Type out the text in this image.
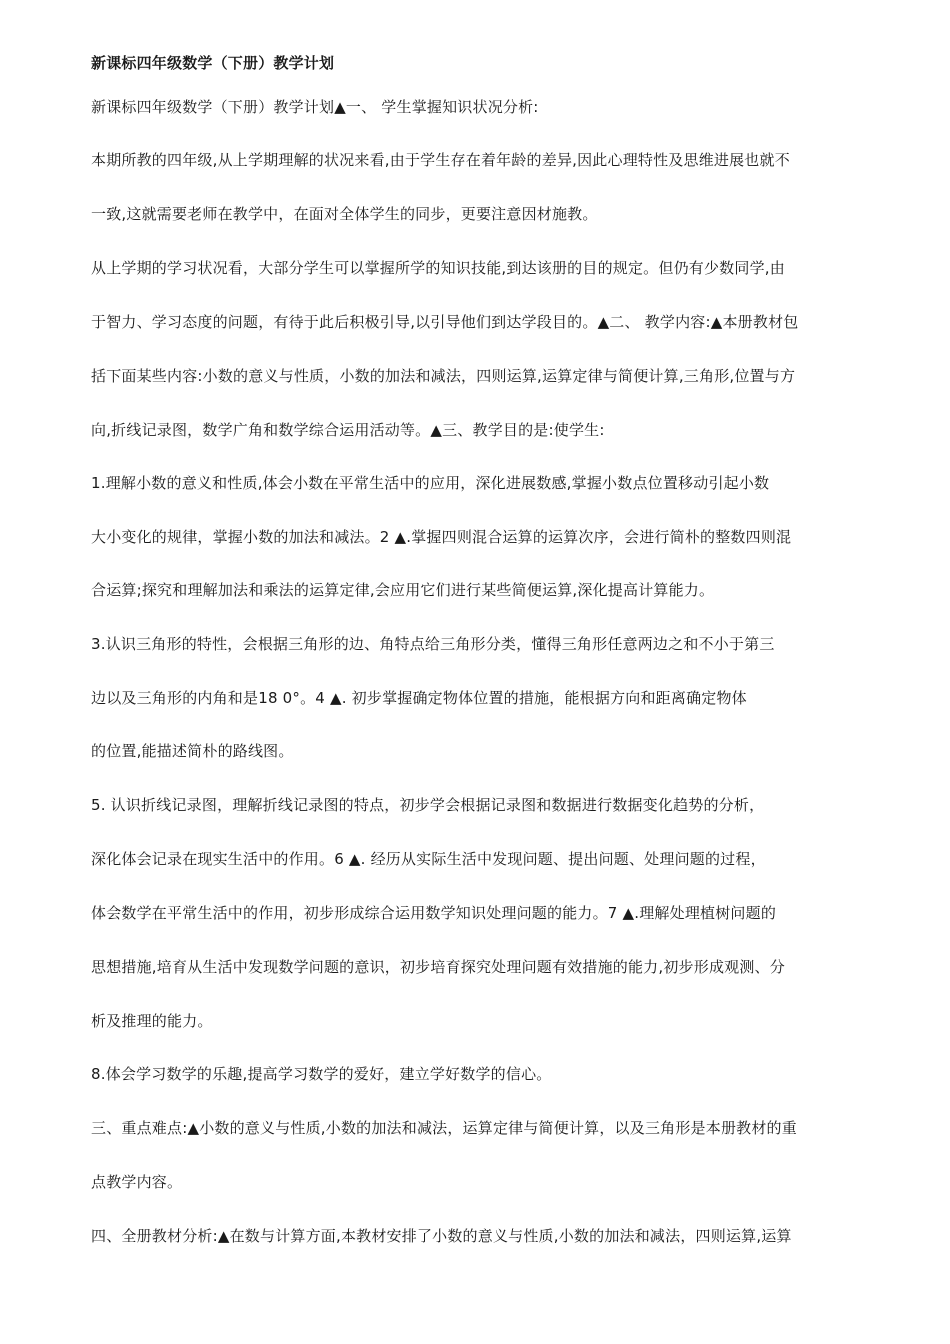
新课标四年级数学（下册）教学计划
新课标四年级数学（下册）教学计划▲一、 学生掌握知识状况分析:
本期所教的四年级,从上学期理解的状况来看,由于学生存在着年龄的差异,因此心理特性及思维进展也就不
一致,这就需要老师在教学中，在面对全体学生的同步，更要注意因材施教。
从上学期的学习状况看，大部分学生可以掌握所学的知识技能,到达该册的目的规定。但仍有少数同学,由
于智力、学习态度的问题，有待于此后积极引导,以引导他们到达学段目的。▲二、 教学内容:▲本册教材包
括下面某些内容:小数的意义与性质，小数的加法和减法，四则运算,运算定律与简便计算,三角形,位置与方
向,折线记录图，数学广角和数学综合运用活动等。▲三、教学目的是:使学生:
1.理解小数的意义和性质,体会小数在平常生活中的应用，深化进展数感,掌握小数点位置移动引起小数
大小变化的规律，掌握小数的加法和减法。2 ▲.掌握四则混合运算的运算次序，会进行简朴的整数四则混
合运算;探究和理解加法和乘法的运算定律,会应用它们进行某些简便运算,深化提高计算能力。
3.认识三角形的特性，会根据三角形的边、角特点给三角形分类，懂得三角形任意两边之和不小于第三
边以及三角形的内角和是18 0°。4 ▲. 初步掌握确定物体位置的措施，能根据方向和距离确定物体
的位置,能描述简朴的路线图。
5. 认识折线记录图，理解折线记录图的特点，初步学会根据记录图和数据进行数据变化趋势的分析，
深化体会记录在现实生活中的作用。6 ▲. 经历从实际生活中发现问题、提出问题、处理问题的过程，
体会数学在平常生活中的作用，初步形成综合运用数学知识处理问题的能力。7 ▲.理解处理植树问题的
思想措施,培育从生活中发现数学问题的意识，初步培育探究处理问题有效措施的能力,初步形成观测、分
析及推理的能力。
8.体会学习数学的乐趣,提高学习数学的爱好，建立学好数学的信心。
三、重点难点:▲小数的意义与性质,小数的加法和减法，运算定律与简便计算，以及三角形是本册教材的重
点教学内容。
四、全册教材分析:▲在数与计算方面,本教材安排了小数的意义与性质,小数的加法和减法，四则运算,运算
